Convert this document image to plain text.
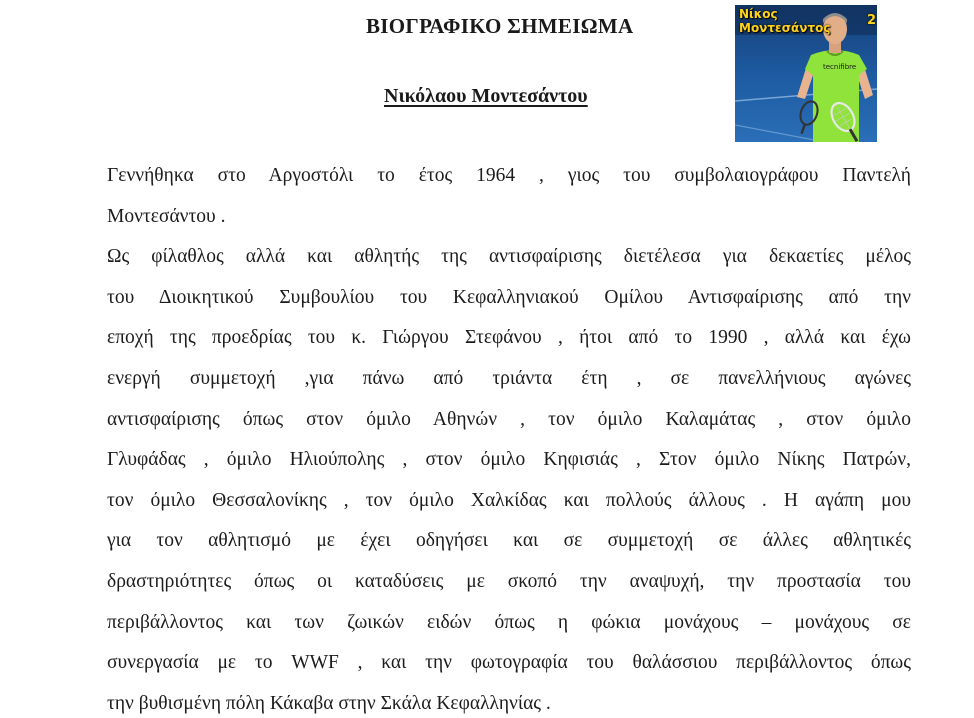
ΒΙΟΓΡΑΦΙΚΟ ΣΗΜΕΙΩΜΑ
Νικόλαου Μοντεσάντου
tecnifibre
Νίκος
Μοντεσάντος	2
Γεννήθηκα στο Αργοστόλι το έτος 1964 , γιος του συμβολαιογράφου Παντελή
Μοντεσάντου .
Ως φίλαθλος αλλά και αθλητής της αντισφαίρισης διετέλεσα για δεκαετίες μέλος
του Διοικητικού Συμβουλίου του Κεφαλληνιακού Ομίλου Αντισφαίρισης από την
εποχή της προεδρίας του κ. Γιώργου Στεφάνου , ήτοι από το 1990 , αλλά και έχω
ενεργή συμμετοχή ,για πάνω από τριάντα έτη , σε πανελλήνιους αγώνες
αντισφαίρισης όπως στον όμιλο Αθηνών , τον όμιλο Καλαμάτας , στον όμιλο
Γλυφάδας , όμιλο Ηλιούπολης , στον όμιλο Κηφισιάς , Στον όμιλο Νίκης Πατρών,
τον όμιλο Θεσσαλονίκης , τον όμιλο Χαλκίδας και πολλούς άλλους . Η αγάπη μου
για τον αθλητισμό με έχει οδηγήσει και σε συμμετοχή σε άλλες αθλητικές
δραστηριότητες όπως οι καταδύσεις με σκοπό την αναψυχή, την προστασία του
περιβάλλοντος και των ζωικών ειδών όπως η φώκια μονάχους – μονάχους σε
συνεργασία με το WWF , και την φωτογραφία του θαλάσσιου περιβάλλοντος όπως
την βυθισμένη πόλη Κάκαβα στην Σκάλα Κεφαλληνίας .
